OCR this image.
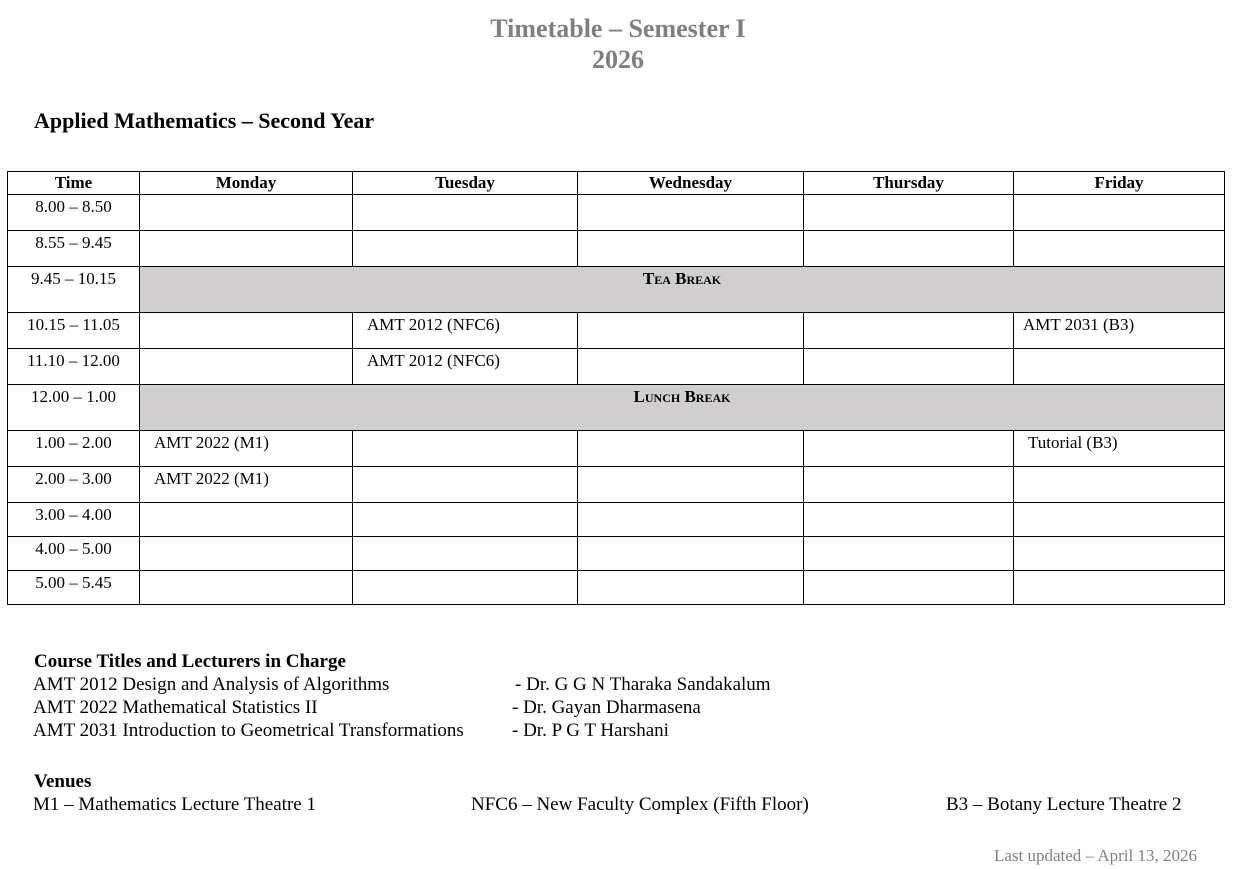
Timetable – Semester I
2026
Applied Mathematics – Second Year
Time	Monday	Tuesday	Wednesday	Thursday	Friday
8.00 – 8.50					
8.55 – 9.45					
9.45 – 10.15	Tea Break				
10.15 – 11.05		AMT 2012 (NFC6)			AMT 2031 (B3)
11.10 – 12.00		AMT 2012 (NFC6)			
12.00 – 1.00	Lunch Break				
1.00 – 2.00	AMT 2022 (M1)				Tutorial (B3)
2.00 – 3.00	AMT 2022 (M1)				
3.00 – 4.00					
4.00 – 5.00					
5.00 – 5.45					
Course Titles and Lecturers in Charge
AMT 2012 Design and Analysis of Algorithms	- Dr. G G N Tharaka Sandakalum
AMT 2022 Mathematical Statistics II	- Dr. Gayan Dharmasena
AMT 2031 Introduction to Geometrical Transformations	- Dr. P G T Harshani
Venues
M1 – Mathematics Lecture Theatre 1	NFC6 – New Faculty Complex (Fifth Floor)	B3 – Botany Lecture Theatre 2
Last updated – April 13, 2026
